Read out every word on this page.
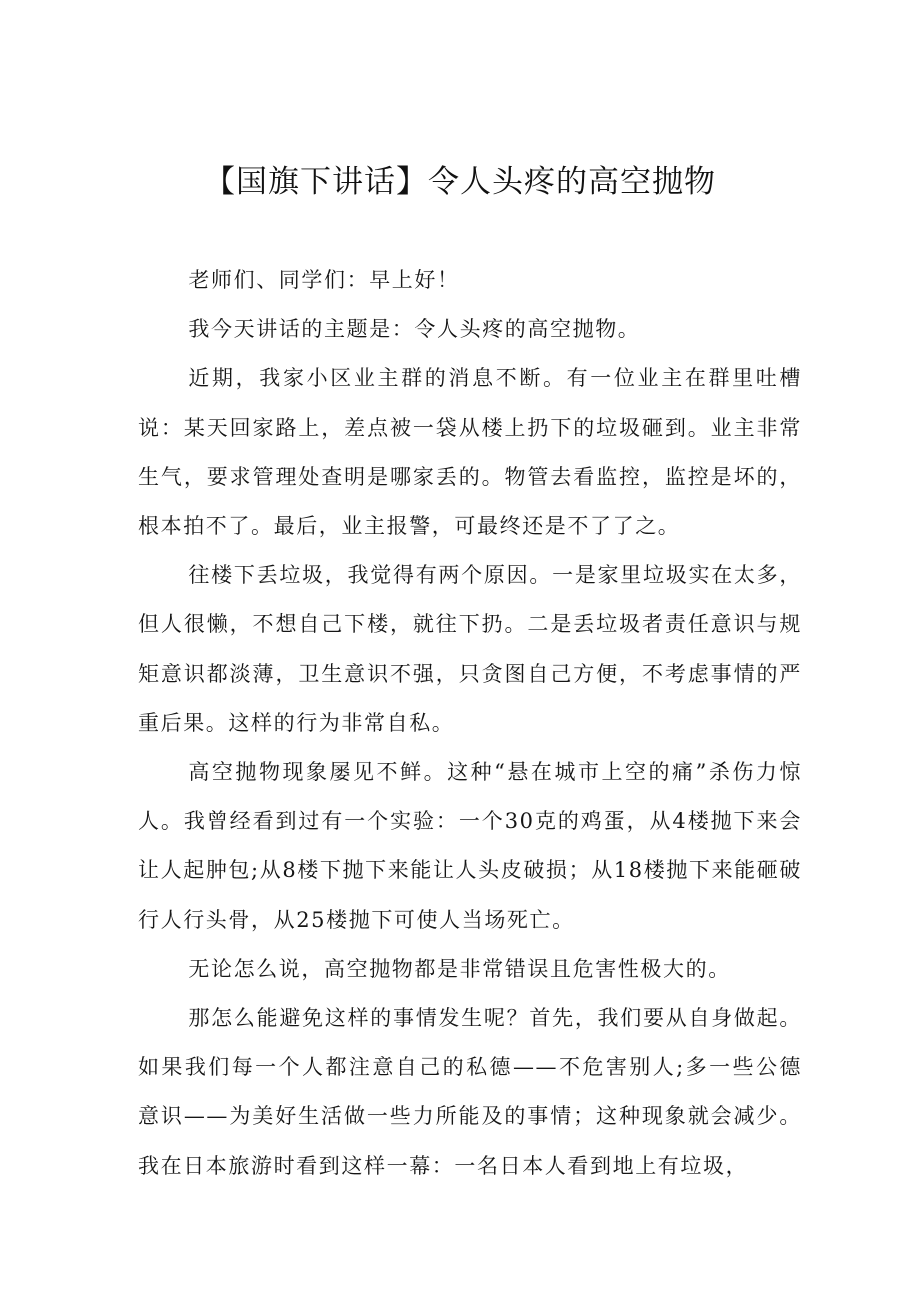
【国旗下讲话】令人头疼的高空抛物

老师们、同学们：早上好！

我今天讲话的主题是：令人头疼的高空抛物。

近期，我家小区业主群的消息不断。有一位业主在群里吐槽说：某天回家路上，差点被一袋从楼上扔下的垃圾砸到。业主非常生气，要求管理处查明是哪家丢的。物管去看监控，监控是坏的，根本拍不了。最后，业主报警，可最终还是不了了之。

往楼下丢垃圾，我觉得有两个原因。一是家里垃圾实在太多，但人很懒，不想自己下楼，就往下扔。二是丢垃圾者责任意识与规矩意识都淡薄，卫生意识不强，只贪图自己方便，不考虑事情的严重后果。这样的行为非常自私。

高空抛物现象屡见不鲜。这种“悬在城市上空的痛”杀伤力惊人。我曾经看到过有一个实验：一个30克的鸡蛋，从4楼抛下来会让人起肿包;从8楼下抛下来能让人头皮破损；从18楼抛下来能砸破行人行头骨，从25楼抛下可使人当场死亡。

无论怎么说，高空抛物都是非常错误且危害性极大的。

那怎么能避免这样的事情发生呢？首先，我们要从自身做起。如果我们每一个人都注意自己的私德——不危害别人;多一些公德意识——为美好生活做一些力所能及的事情；这种现象就会减少。我在日本旅游时看到这样一幕：一名日本人看到地上有垃圾，
